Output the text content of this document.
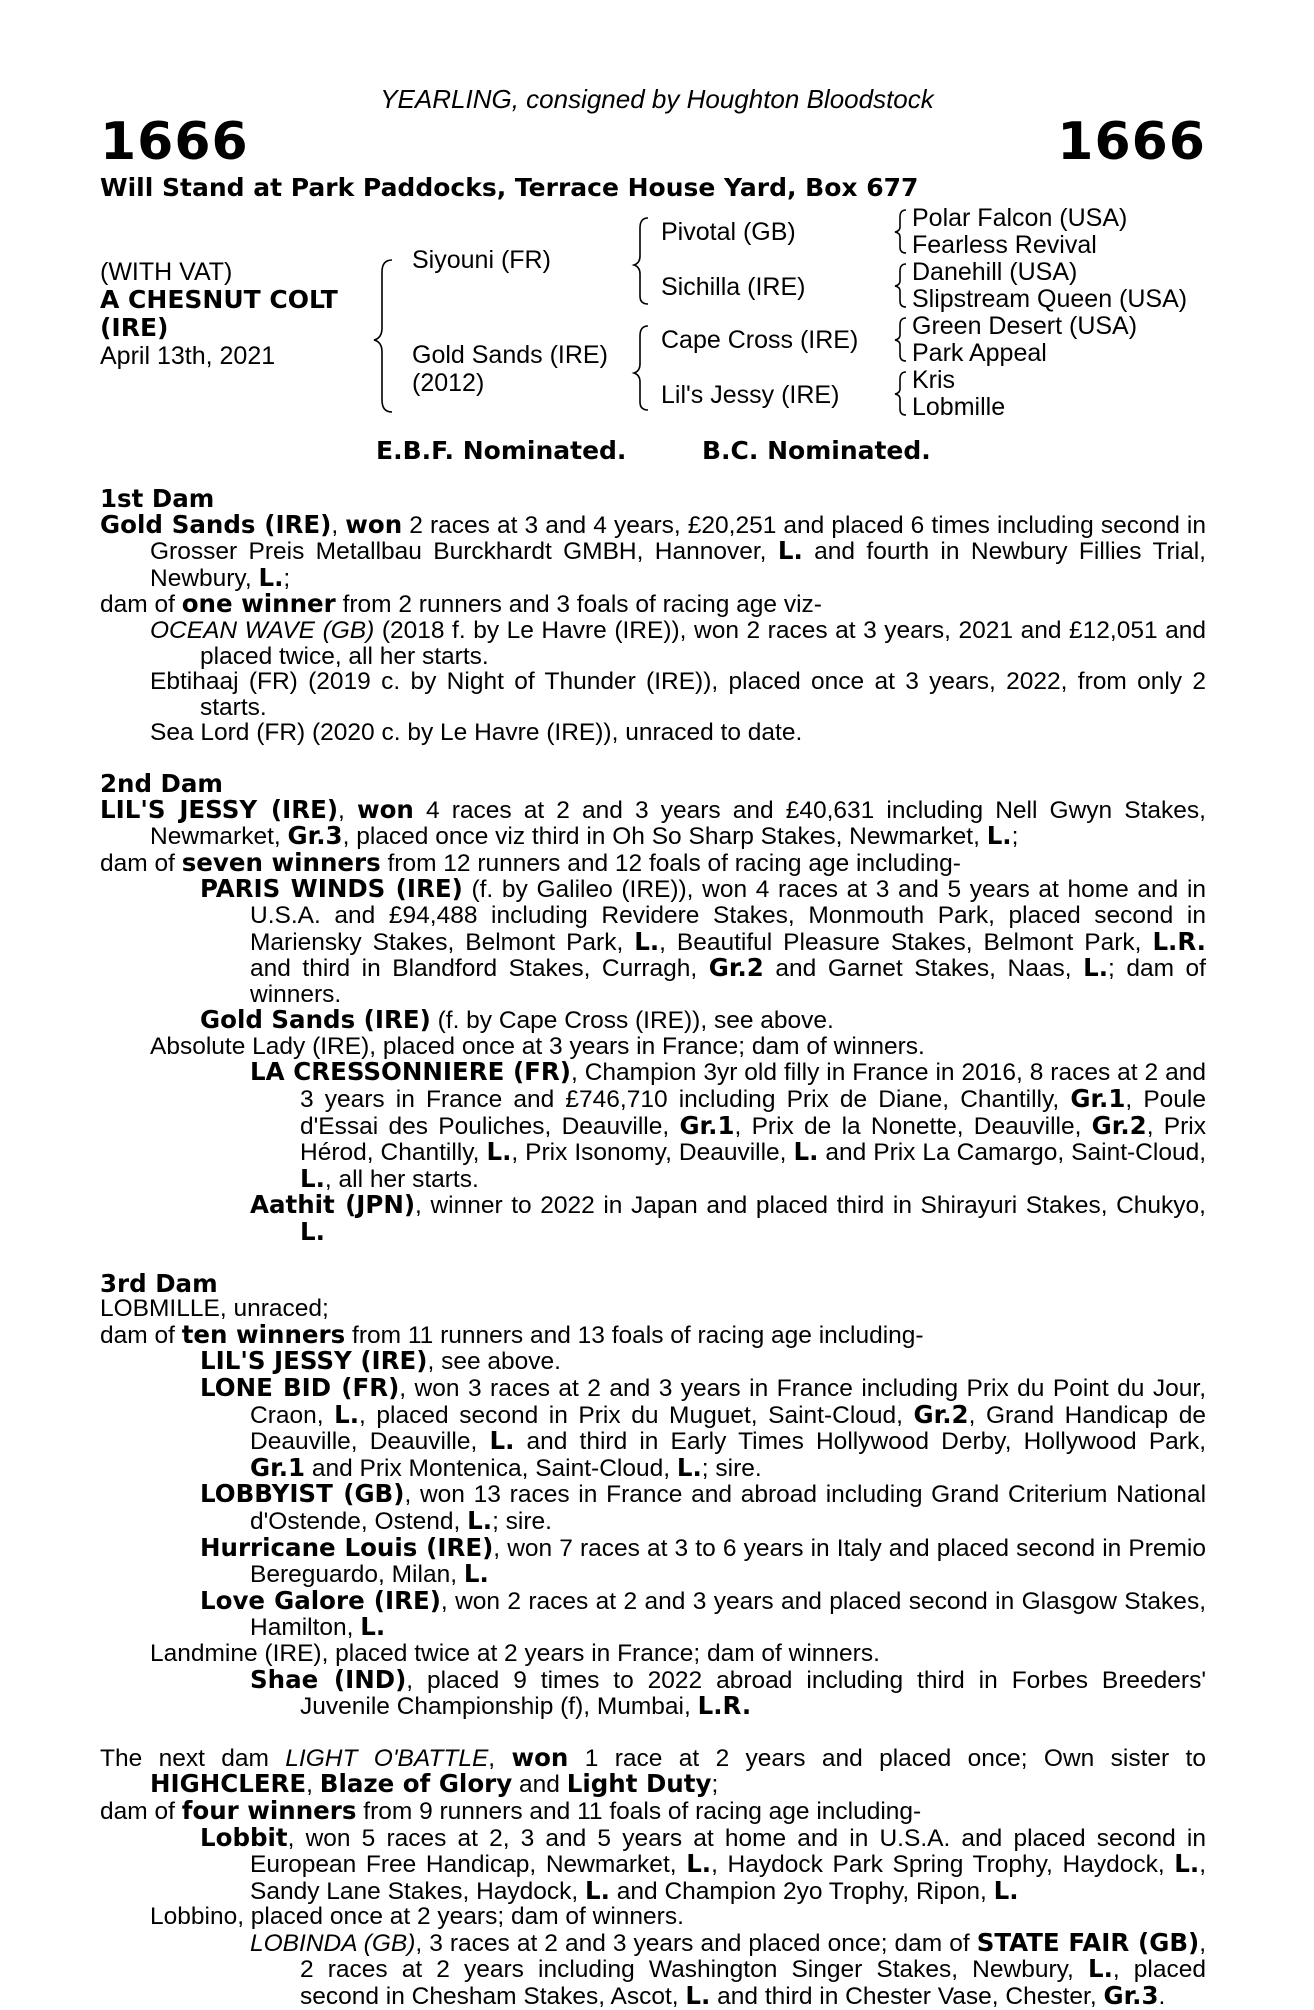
YEARLING, consigned by Houghton Bloodstock
1666	1666
Will Stand at Park Paddocks, Terrace House Yard, Box 677
(WITH VAT)
A CHESNUT COLT
(IRE)
April 13th, 2021
Siyouni (FR)
Gold Sands (IRE)
(2012)
Pivotal (GB)
Sichilla (IRE)
Cape Cross (IRE)
Lil's Jessy (IRE)
Polar Falcon (USA)
Fearless Revival
Danehill (USA)
Slipstream Queen (USA)
Green Desert (USA)
Park Appeal
Kris
Lobmille
E.B.F. Nominated.	B.C. Nominated.

1st Dam

Gold Sands (IRE), won 2 races at 3 and 4 years, £20,251 and placed 6 times including second in Grosser Preis Metallbau Burckhardt GMBH, Hannover, L. and fourth in Newbury Fillies Trial, Newbury, L.;

dam of one winner from 2 runners and 3 foals of racing age viz-

OCEAN WAVE (GB) (2018 f. by Le Havre (IRE)), won 2 races at 3 years, 2021 and £12,051 and placed twice, all her starts.

Ebtihaaj (FR) (2019 c. by Night of Thunder (IRE)), placed once at 3 years, 2022, from only 2 starts.

Sea Lord (FR) (2020 c. by Le Havre (IRE)), unraced to date.

2nd Dam

LIL'S JESSY (IRE), won 4 races at 2 and 3 years and £40,631 including Nell Gwyn Stakes, Newmarket, Gr.3, placed once viz third in Oh So Sharp Stakes, Newmarket, L.;

dam of seven winners from 12 runners and 12 foals of racing age including-

PARIS WINDS (IRE) (f. by Galileo (IRE)), won 4 races at 3 and 5 years at home and in U.S.A. and £94,488 including Revidere Stakes, Monmouth Park, placed second in Mariensky Stakes, Belmont Park, L., Beautiful Pleasure Stakes, Belmont Park, L.R. and third in Blandford Stakes, Curragh, Gr.2 and Garnet Stakes, Naas, L.; dam of winners.

Gold Sands (IRE) (f. by Cape Cross (IRE)), see above.

Absolute Lady (IRE), placed once at 3 years in France; dam of winners.

LA CRESSONNIERE (FR), Champion 3yr old filly in France in 2016, 8 races at 2 and 3 years in France and £746,710 including Prix de Diane, Chantilly, Gr.1, Poule d'Essai des Pouliches, Deauville, Gr.1, Prix de la Nonette, Deauville, Gr.2, Prix Hérod, Chantilly, L., Prix Isonomy, Deauville, L. and Prix La Camargo, Saint-Cloud, L., all her starts.

Aathit (JPN), winner to 2022 in Japan and placed third in Shirayuri Stakes, Chukyo, L.

3rd Dam

LOBMILLE, unraced;

dam of ten winners from 11 runners and 13 foals of racing age including-

LIL'S JESSY (IRE), see above.

LONE BID (FR), won 3 races at 2 and 3 years in France including Prix du Point du Jour, Craon, L., placed second in Prix du Muguet, Saint-Cloud, Gr.2, Grand Handicap de Deauville, Deauville, L. and third in Early Times Hollywood Derby, Hollywood Park, Gr.1 and Prix Montenica, Saint-Cloud, L.; sire.

LOBBYIST (GB), won 13 races in France and abroad including Grand Criterium National d'Ostende, Ostend, L.; sire.

Hurricane Louis (IRE), won 7 races at 3 to 6 years in Italy and placed second in Premio Bereguardo, Milan, L.

Love Galore (IRE), won 2 races at 2 and 3 years and placed second in Glasgow Stakes, Hamilton, L.

Landmine (IRE), placed twice at 2 years in France; dam of winners.

Shae (IND), placed 9 times to 2022 abroad including third in Forbes Breeders' Juvenile Championship (f), Mumbai, L.R.

The next dam LIGHT O'BATTLE, won 1 race at 2 years and placed once; Own sister to HIGHCLERE, Blaze of Glory and Light Duty;

dam of four winners from 9 runners and 11 foals of racing age including-

Lobbit, won 5 races at 2, 3 and 5 years at home and in U.S.A. and placed second in European Free Handicap, Newmarket, L., Haydock Park Spring Trophy, Haydock, L., Sandy Lane Stakes, Haydock, L. and Champion 2yo Trophy, Ripon, L.

Lobbino, placed once at 2 years; dam of winners.

LOBINDA (GB), 3 races at 2 and 3 years and placed once; dam of STATE FAIR (GB), 2 races at 2 years including Washington Singer Stakes, Newbury, L., placed second in Chesham Stakes, Ascot, L. and third in Chester Vase, Chester, Gr.3.
